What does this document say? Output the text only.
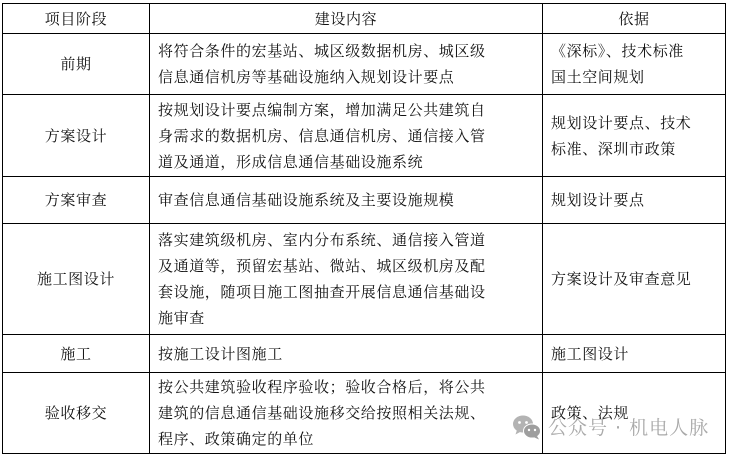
项目阶段	建设内容	依据
前期	将符合条件的宏基站、城区级数据机房、城区级
信息通信机房等基础设施纳入规划设计要点	《深标》、技术标准
国土空间规划

方案设计	按规划设计要点编制方案，增加满足公共建筑自
身需求的数据机房、信息通信机房、通信接入管
道及通道，形成信息通信基础设施系统	规划设计要点、技术
标准、深圳市政策

方案审查	审查信息通信基础设施系统及主要设施规模	规划设计要点

施工图设计	落实建筑级机房、室内分布系统、通信接入管道
及通道等，预留宏基站、微站、城区级机房及配
套设施，随项目施工图抽查开展信息通信基础设
施审查	方案设计及审查意见

施工	按施工设计图施工	施工图设计

验收移交	按公共建筑验收程序验收；验收合格后，将公共
建筑的信息通信基础设施移交给按照相关法规、
程序、政策确定的单位	政策、法规
公众号 · 机电人脉
